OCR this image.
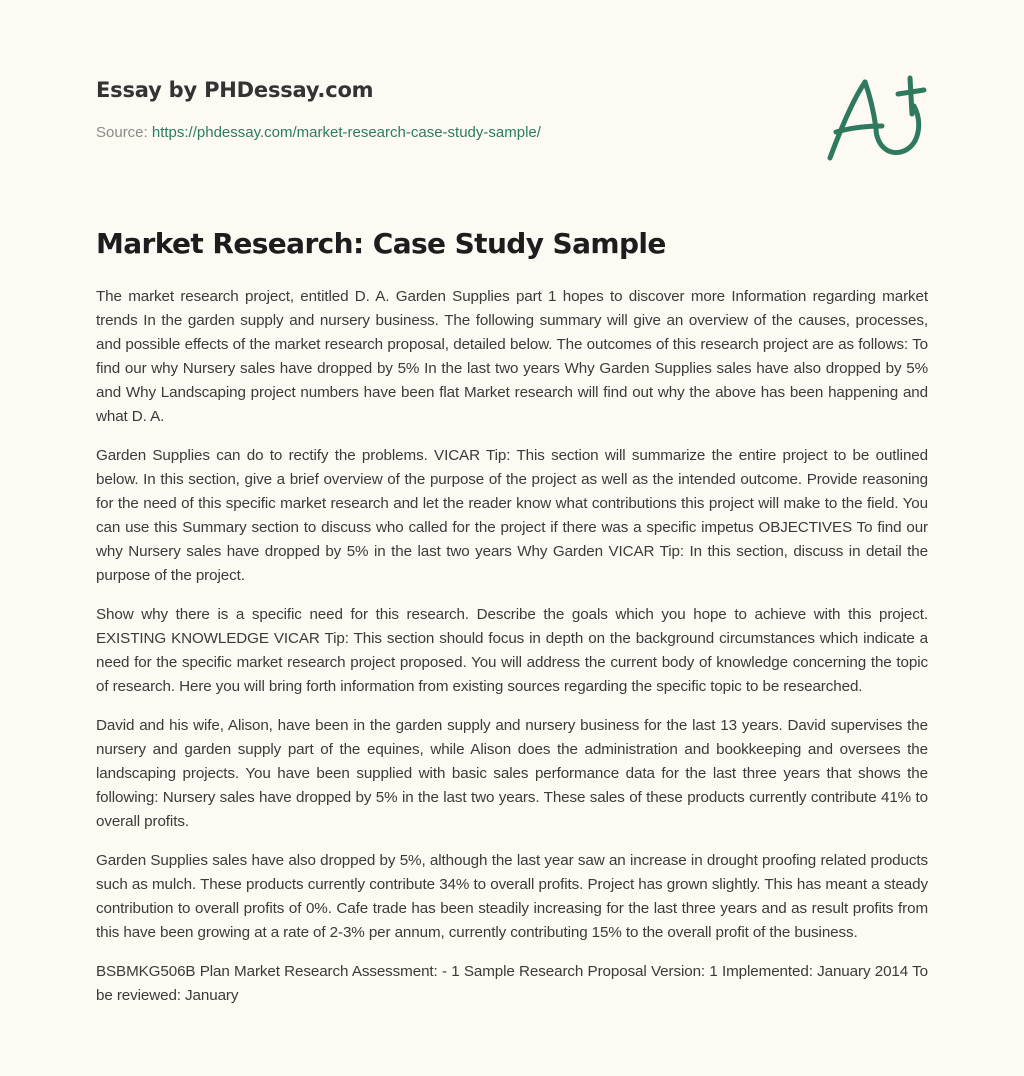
Essay by PHDessay.com
Source: https://phdessay.com/market-research-case-study-sample/
Market Research: Case Study Sample

The market research project, entitled D. A. Garden Supplies part 1 hopes to discover more Information regarding market trends In the garden supply and nursery business. The following summary will give an overview of the causes, processes, and possible effects of the market research proposal, detailed below. The outcomes of this research project are as follows: To find our why Nursery sales have dropped by 5% In the last two years Why Garden Supplies sales have also dropped by 5% and Why Landscaping project numbers have been flat Market research will find out why the above has been happening and what D. A.

Garden Supplies can do to rectify the problems. VICAR Tip: This section will summarize the entire project to be outlined below. In this section, give a brief overview of the purpose of the project as well as the intended outcome. Provide reasoning for the need of this specific market research and let the reader know what contributions this project will make to the field. You can use this Summary section to discuss who called for the project if there was a specific impetus OBJECTIVES To find our why Nursery sales have dropped by 5% in the last two years Why Garden VICAR Tip: In this section, discuss in detail the purpose of the project.

Show why there is a specific need for this research. Describe the goals which you hope to achieve with this project. EXISTING KNOWLEDGE VICAR Tip: This section should focus in depth on the background circumstances which indicate a need for the specific market research project proposed. You will address the current body of knowledge concerning the topic of research. Here you will bring forth information from existing sources regarding the specific topic to be researched.

David and his wife, Alison, have been in the garden supply and nursery business for the last 13 years. David supervises the nursery and garden supply part of the equines, while Alison does the administration and bookkeeping and oversees the landscaping projects. You have been supplied with basic sales performance data for the last three years that shows the following: Nursery sales have dropped by 5% in the last two years. These sales of these products currently contribute 41% to overall profits.

Garden Supplies sales have also dropped by 5%, although the last year saw an increase in drought proofing related products such as mulch. These products currently contribute 34% to overall profits. Project has grown slightly. This has meant a steady contribution to overall profits of 0%. Cafe trade has been steadily increasing for the last three years and as result profits from this have been growing at a rate of 2-3% per annum, currently contributing 15% to the overall profit of the business.

BSBMKG506B Plan Market Research Assessment: - 1 Sample Research Proposal Version: 1 Implemented: January 2014 To be reviewed: January
